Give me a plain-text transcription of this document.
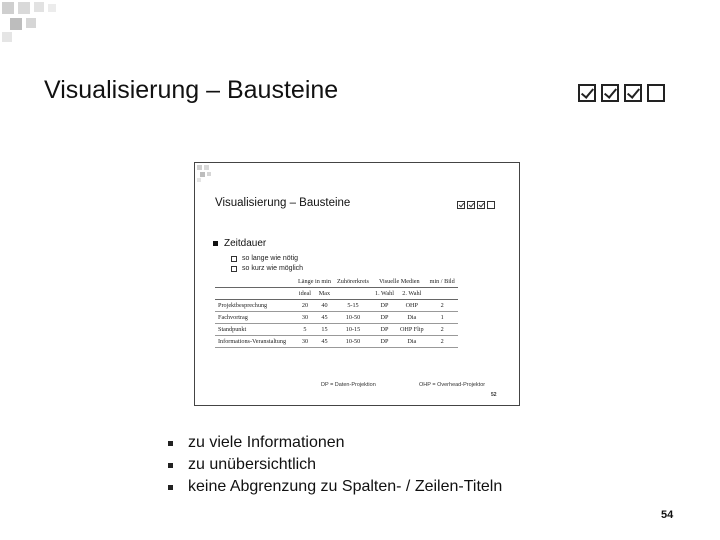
Visualisierung – Bausteine
Visualisierung – Bausteine
Zeitdauer
so lange wie nötig
so kurz wie möglich
	Länge in min		Zuhörerkreis	Visuelle Medien		min / Bild
	ideal	Max		1. Wahl	2. Wahl	
Projektbesprechung	20	40	5-15	DP	OHP	2
Fachvortrag	30	45	10-50	DP	Dia	1
Standpunkt	5	15	10-15	DP	OHP Flip	2
Informations-Veranstaltung	30	45	10-50	DP	Dia	2
DP = Daten-Projektion	OHP = Overhead-Projektor
52
zu viele Informationen
zu unübersichtlich
keine Abgrenzung zu Spalten- / Zeilen-Titeln
54
